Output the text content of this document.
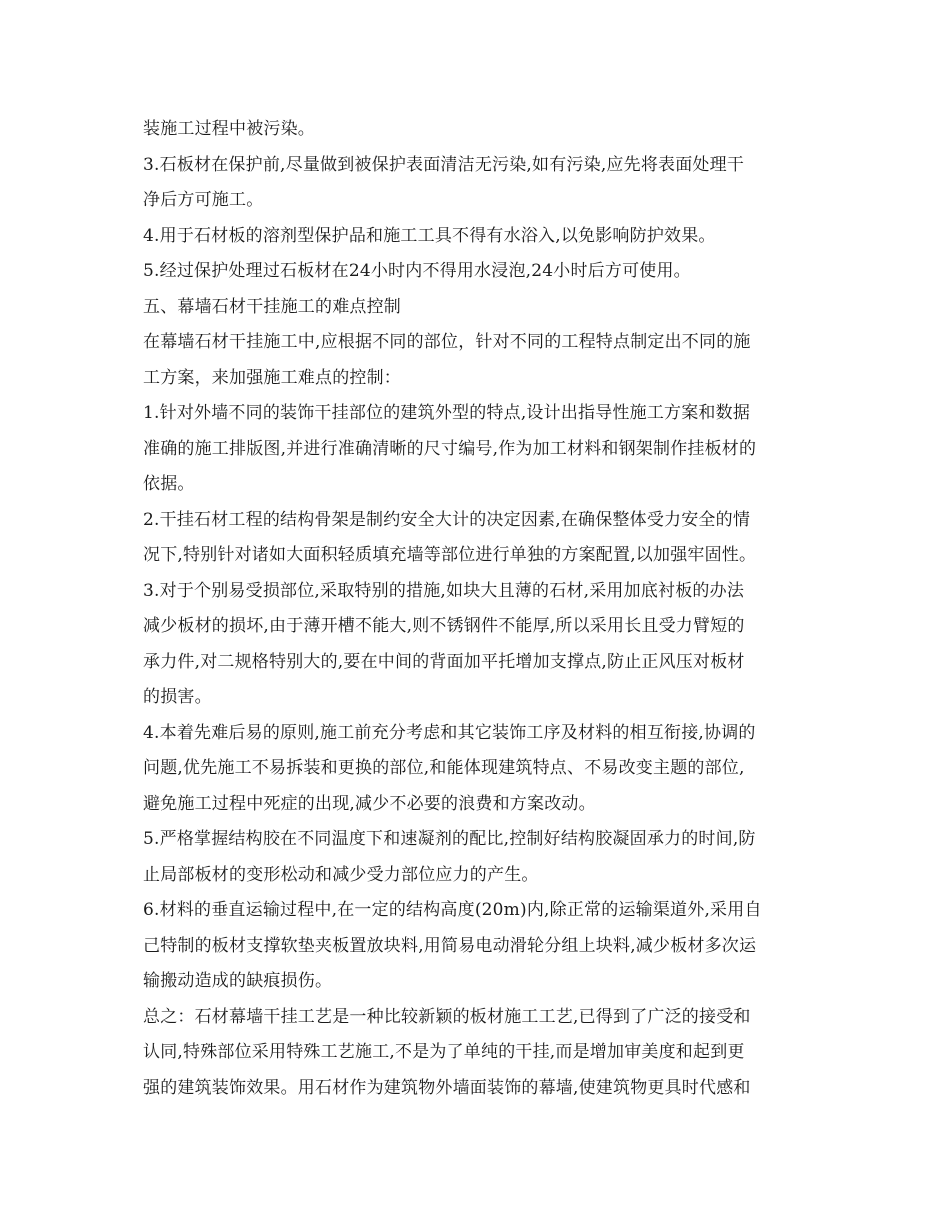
装施工过程中被污染。
3.石板材在保护前,尽量做到被保护表面清洁无污染,如有污染,应先将表面处理干
净后方可施工。
4.用于石材板的溶剂型保护品和施工工具不得有水浴入,以免影响防护效果。
5.经过保护处理过石板材在24小时内不得用水浸泡,24小时后方可使用。
五、幕墙石材干挂施工的难点控制
在幕墙石材干挂施工中,应根据不同的部位，针对不同的工程特点制定出不同的施
工方案，来加强施工难点的控制：
1.针对外墙不同的装饰干挂部位的建筑外型的特点,设计出指导性施工方案和数据
准确的施工排版图,并进行准确清晰的尺寸编号,作为加工材料和钢架制作挂板材的
依据。
2.干挂石材工程的结构骨架是制约安全大计的决定因素,在确保整体受力安全的情
况下,特别针对诸如大面积轻质填充墙等部位进行单独的方案配置,以加强牢固性。
3.对于个别易受损部位,采取特别的措施,如块大且薄的石材,采用加底衬板的办法
减少板材的损坏,由于薄开槽不能大,则不锈钢件不能厚,所以采用长且受力臂短的
承力件,对二规格特别大的,要在中间的背面加平托增加支撑点,防止正风压对板材
的损害。
4.本着先难后易的原则,施工前充分考虑和其它装饰工序及材料的相互衔接,协调的
问题,优先施工不易拆装和更换的部位,和能体现建筑特点、不易改变主题的部位,
避免施工过程中死症的出现,减少不必要的浪费和方案改动。
5.严格掌握结构胶在不同温度下和速凝剂的配比,控制好结构胶凝固承力的时间,防
止局部板材的变形松动和减少受力部位应力的产生。
6.材料的垂直运输过程中,在一定的结构高度(20m)内,除正常的运输渠道外,采用自
己特制的板材支撑软垫夹板置放块料,用简易电动滑轮分组上块料,减少板材多次运
输搬动造成的缺痕损伤。
总之：石材幕墙干挂工艺是一种比较新颖的板材施工工艺,已得到了广泛的接受和
认同,特殊部位采用特殊工艺施工,不是为了单纯的干挂,而是增加审美度和起到更
强的建筑装饰效果。用石材作为建筑物外墙面装饰的幕墙,使建筑物更具时代感和
